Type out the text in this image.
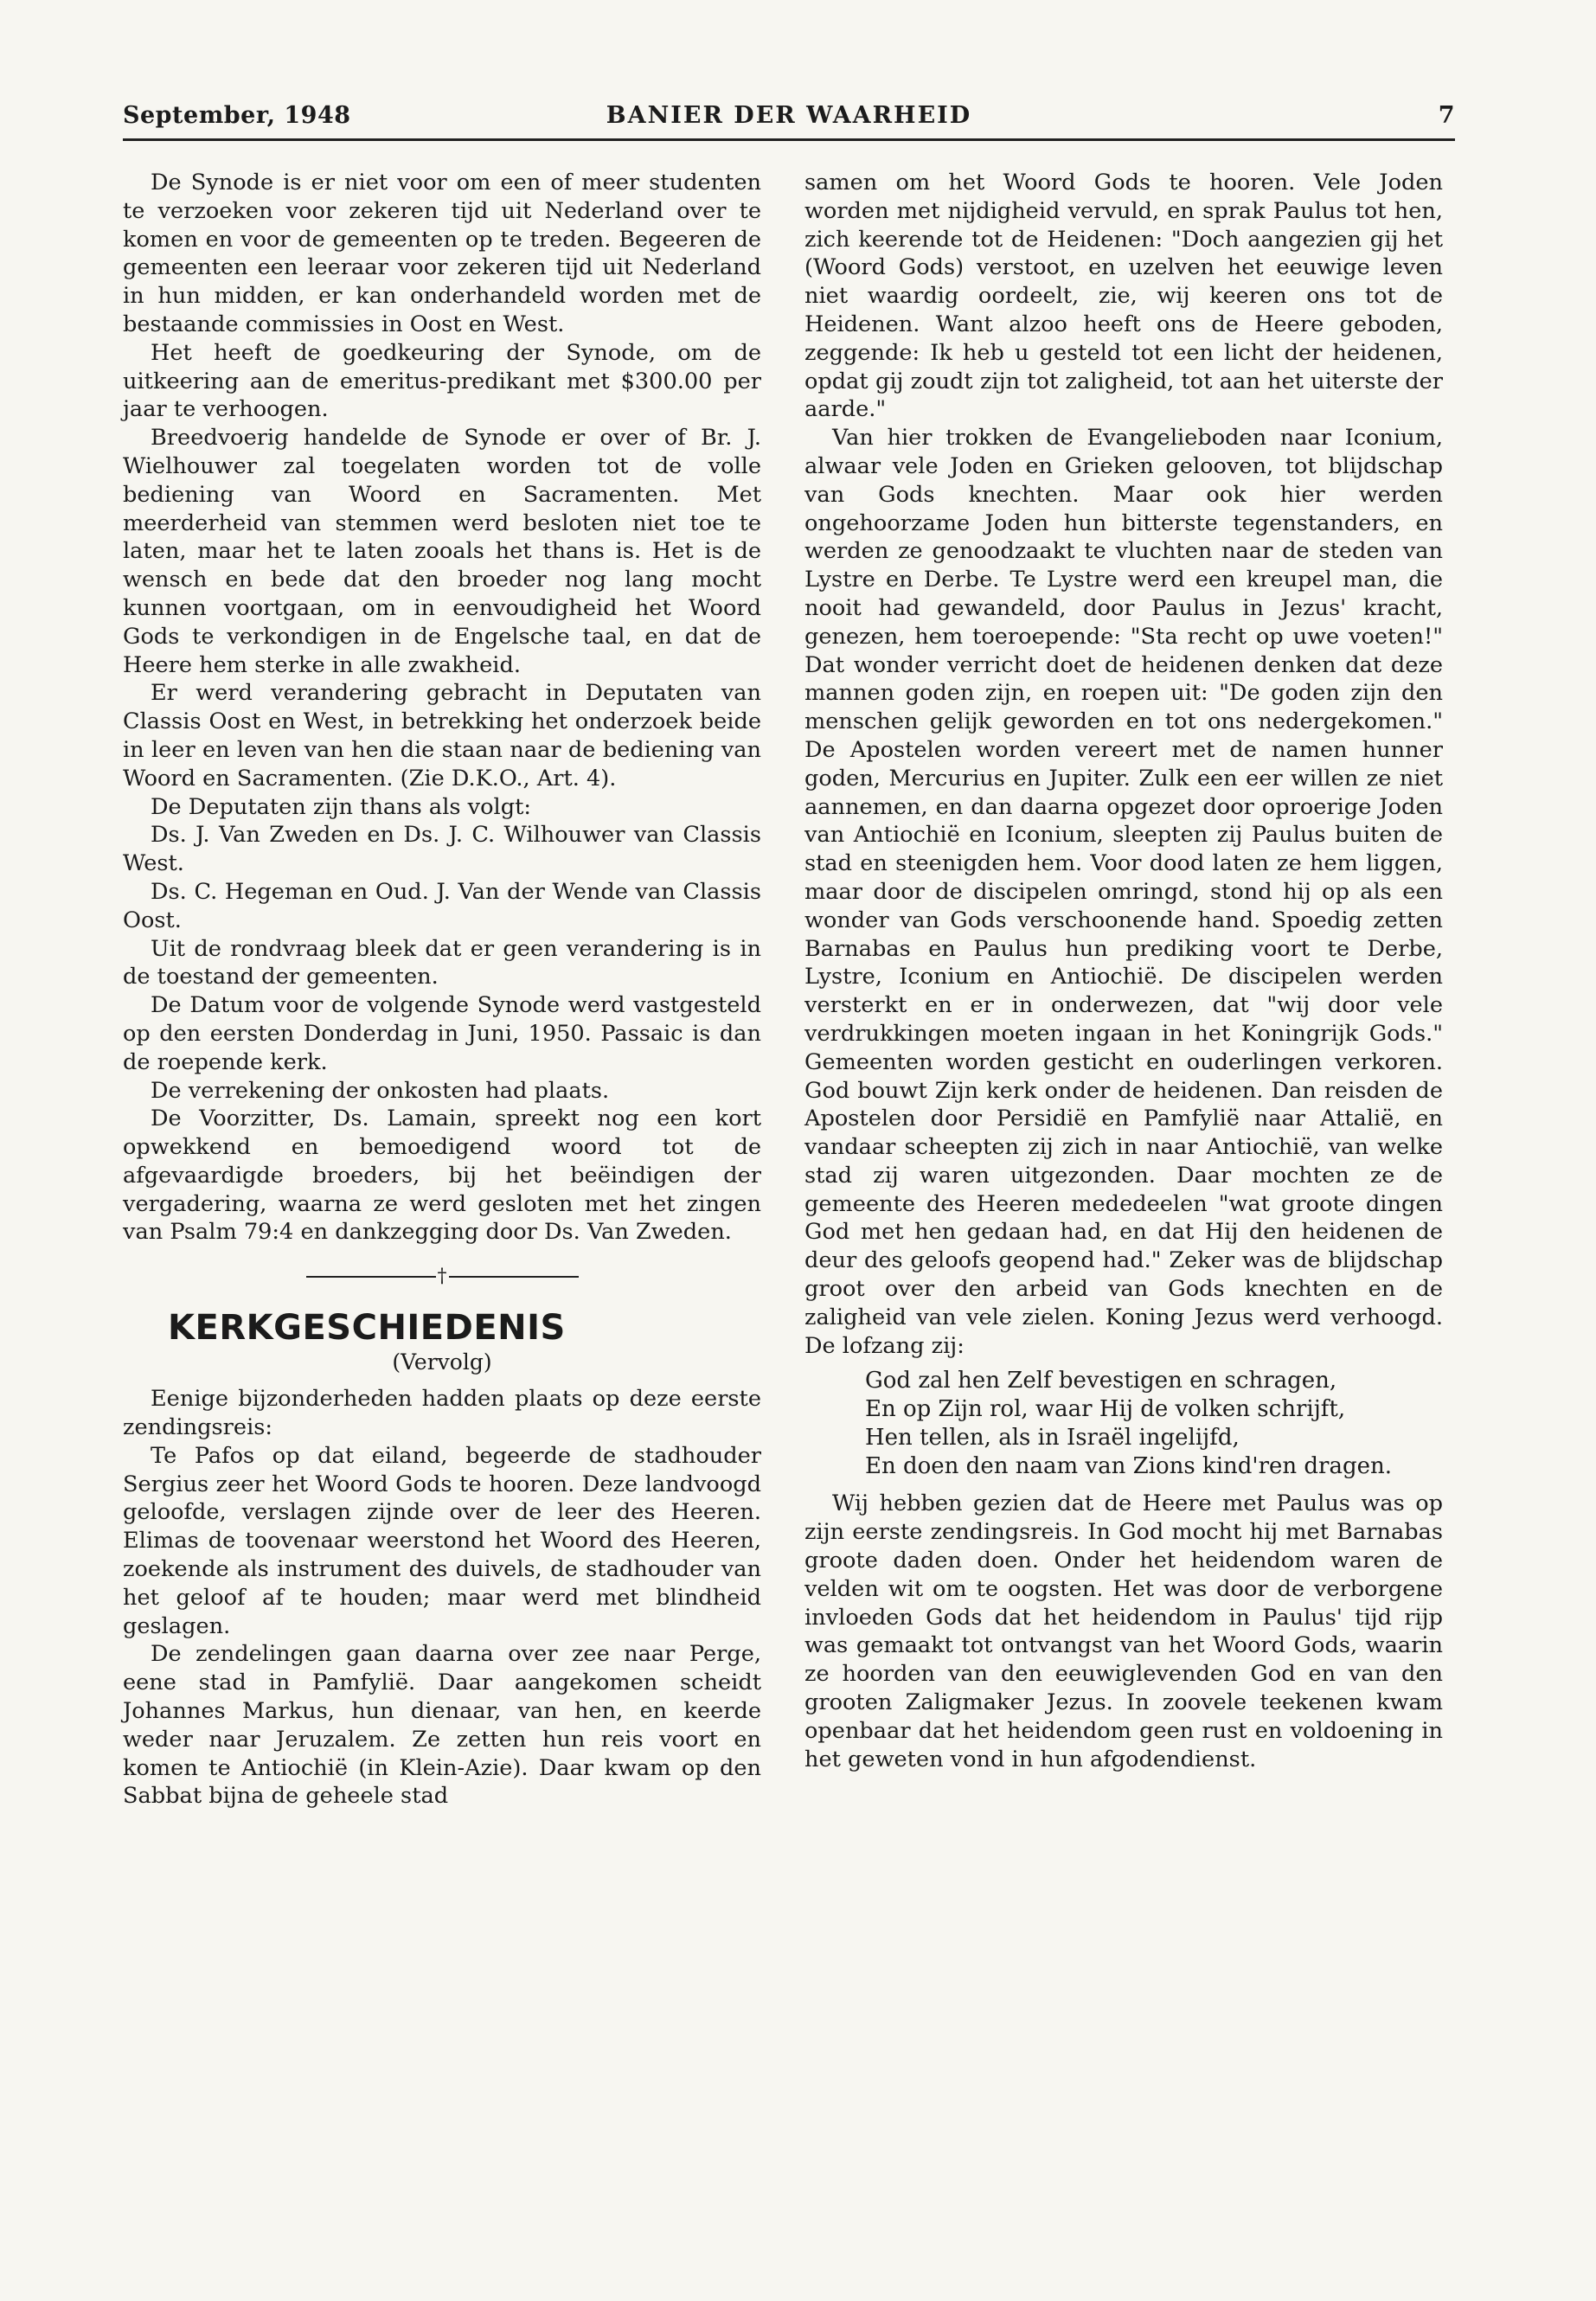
September, 1948	BANIER DER WAARHEID	7

De Synode is er niet voor om een of meer studenten te verzoeken voor zekeren tijd uit Nederland over te komen en voor de gemeenten op te treden. Begeeren de gemeenten een leeraar voor zekeren tijd uit Nederland in hun midden, er kan onderhandeld worden met de bestaande commissies in Oost en West.

Het heeft de goedkeuring der Synode, om de uitkeering aan de emeritus-predikant met $300.00 per jaar te verhoogen.

Breedvoerig handelde de Synode er over of Br. J. Wielhouwer zal toegelaten worden tot de volle bediening van Woord en Sacramenten. Met meerderheid van stemmen werd besloten niet toe te laten, maar het te laten zooals het thans is. Het is de wensch en bede dat den broeder nog lang mocht kunnen voortgaan, om in eenvoudigheid het Woord Gods te verkondigen in de Engelsche taal, en dat de Heere hem sterke in alle zwakheid.

Er werd verandering gebracht in Deputaten van Classis Oost en West, in betrekking het onderzoek beide in leer en leven van hen die staan naar de bediening van Woord en Sacramenten. (Zie D.K.O., Art. 4).

De Deputaten zijn thans als volgt:

Ds. J. Van Zweden en Ds. J. C. Wilhouwer van Classis West.

Ds. C. Hegeman en Oud. J. Van der Wende van Classis Oost.

Uit de rondvraag bleek dat er geen verandering is in de toestand der gemeenten.

De Datum voor de volgende Synode werd vastgesteld op den eersten Donderdag in Juni, 1950. Passaic is dan de roepende kerk.

De verrekening der onkosten had plaats.

De Voorzitter, Ds. Lamain, spreekt nog een kort opwekkend en bemoedigend woord tot de afgevaardigde broeders, bij het beëindigen der vergadering, waarna ze werd gesloten met het zingen van Psalm 79:4 en dankzegging door Ds. Van Zweden.

†
KERKGESCHIEDENIS
(Vervolg)

Eenige bijzonderheden hadden plaats op deze eerste zendingsreis:

Te Pafos op dat eiland, begeerde de stadhouder Sergius zeer het Woord Gods te hooren. Deze landvoogd geloofde, verslagen zijnde over de leer des Heeren. Elimas de toovenaar weerstond het Woord des Heeren, zoekende als instrument des duivels, de stadhouder van het geloof af te houden; maar werd met blindheid geslagen.

De zendelingen gaan daarna over zee naar Perge, eene stad in Pamfylië. Daar aangekomen scheidt Johannes Markus, hun dienaar, van hen, en keerde weder naar Jeruzalem. Ze zetten hun reis voort en komen te Antiochië (in Klein-Azie). Daar kwam op den Sabbat bijna de geheele stad

samen om het Woord Gods te hooren. Vele Joden worden met nijdigheid vervuld, en sprak Paulus tot hen, zich keerende tot de Heidenen: "Doch aangezien gij het (Woord Gods) verstoot, en uzelven het eeuwige leven niet waardig oordeelt, zie, wij keeren ons tot de Heidenen. Want alzoo heeft ons de Heere geboden, zeggende: Ik heb u gesteld tot een licht der heidenen, opdat gij zoudt zijn tot zaligheid, tot aan het uiterste der aarde."

Van hier trokken de Evangelieboden naar Iconium, alwaar vele Joden en Grieken gelooven, tot blijdschap van Gods knechten. Maar ook hier werden ongehoorzame Joden hun bitterste tegenstanders, en werden ze genoodzaakt te vluchten naar de steden van Lystre en Derbe. Te Lystre werd een kreupel man, die nooit had gewandeld, door Paulus in Jezus' kracht, genezen, hem toeroepende: "Sta recht op uwe voeten!" Dat wonder verricht doet de heidenen denken dat deze mannen goden zijn, en roepen uit: "De goden zijn den menschen gelijk geworden en tot ons nedergekomen." De Apostelen worden vereert met de namen hunner goden, Mercurius en Jupiter. Zulk een eer willen ze niet aannemen, en dan daarna opgezet door oproerige Joden van Antiochië en Iconium, sleepten zij Paulus buiten de stad en steenigden hem. Voor dood laten ze hem liggen, maar door de discipelen omringd, stond hij op als een wonder van Gods verschoonende hand. Spoedig zetten Barnabas en Paulus hun prediking voort te Derbe, Lystre, Iconium en Antiochië. De discipelen werden versterkt en er in onderwezen, dat "wij door vele verdrukkingen moeten ingaan in het Koningrijk Gods." Gemeenten worden gesticht en ouderlingen verkoren. God bouwt Zijn kerk onder de heidenen. Dan reisden de Apostelen door Persidië en Pamfylië naar Attalië, en vandaar scheepten zij zich in naar Antiochië, van welke stad zij waren uitgezonden. Daar mochten ze de gemeente des Heeren mededeelen "wat groote dingen God met hen gedaan had, en dat Hij den heidenen de deur des geloofs geopend had." Zeker was de blijdschap groot over den arbeid van Gods knechten en de zaligheid van vele zielen. Koning Jezus werd verhoogd. De lofzang zij:

God zal hen Zelf bevestigen en schragen,
En op Zijn rol, waar Hij de volken schrijft,
Hen tellen, als in Israël ingelijfd,
En doen den naam van Zions kind'ren dragen.

Wij hebben gezien dat de Heere met Paulus was op zijn eerste zendingsreis. In God mocht hij met Barnabas groote daden doen. Onder het heidendom waren de velden wit om te oogsten. Het was door de verborgene invloeden Gods dat het heidendom in Paulus' tijd rijp was gemaakt tot ontvangst van het Woord Gods, waarin ze hoorden van den eeuwiglevenden God en van den grooten Zaligmaker Jezus. In zoovele teekenen kwam openbaar dat het heidendom geen rust en voldoening in het geweten vond in hun afgodendienst.
